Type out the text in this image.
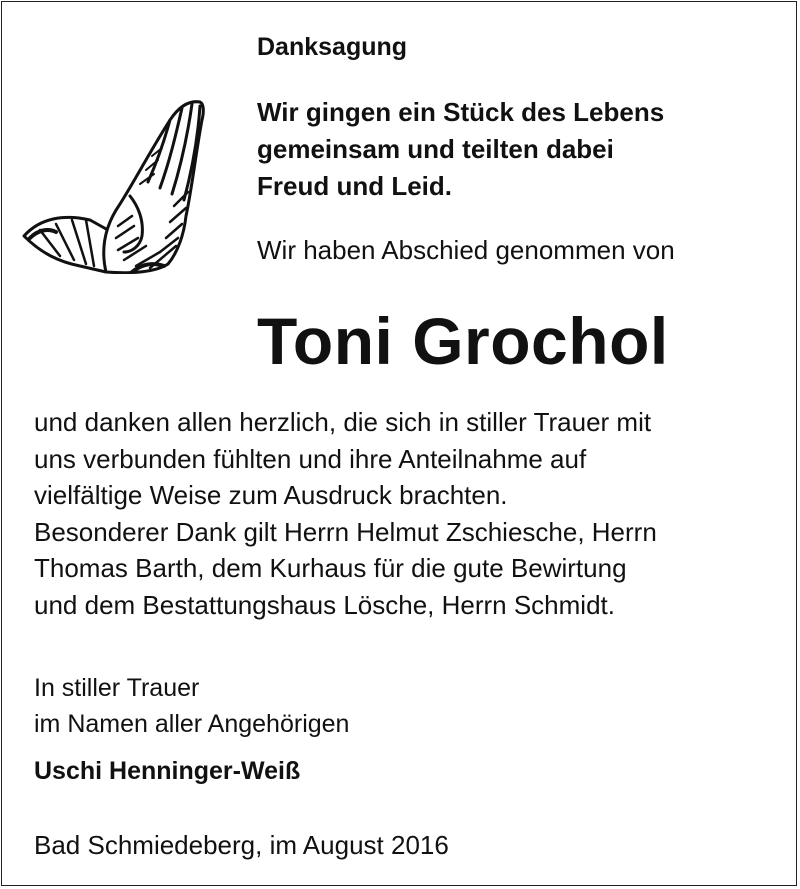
Danksagung
Wir gingen ein Stück des Lebens
gemeinsam und teilten dabei
Freud und Leid.

Wir haben Abschied genommen von

Toni Grochol
und danken allen herzlich, die sich in stiller Trauer mit
uns verbunden fühlten und ihre Anteilnahme auf
vielfältige Weise zum Ausdruck brachten.
Besonderer Dank gilt Herrn Helmut Zschiesche, Herrn
Thomas Barth, dem Kurhaus für die gute Bewirtung
und dem Bestattungshaus Lösche, Herrn Schmidt.
In stiller Trauer
im Namen aller Angehörigen

Uschi Henninger-Weiß

Bad Schmiedeberg, im August 2016
